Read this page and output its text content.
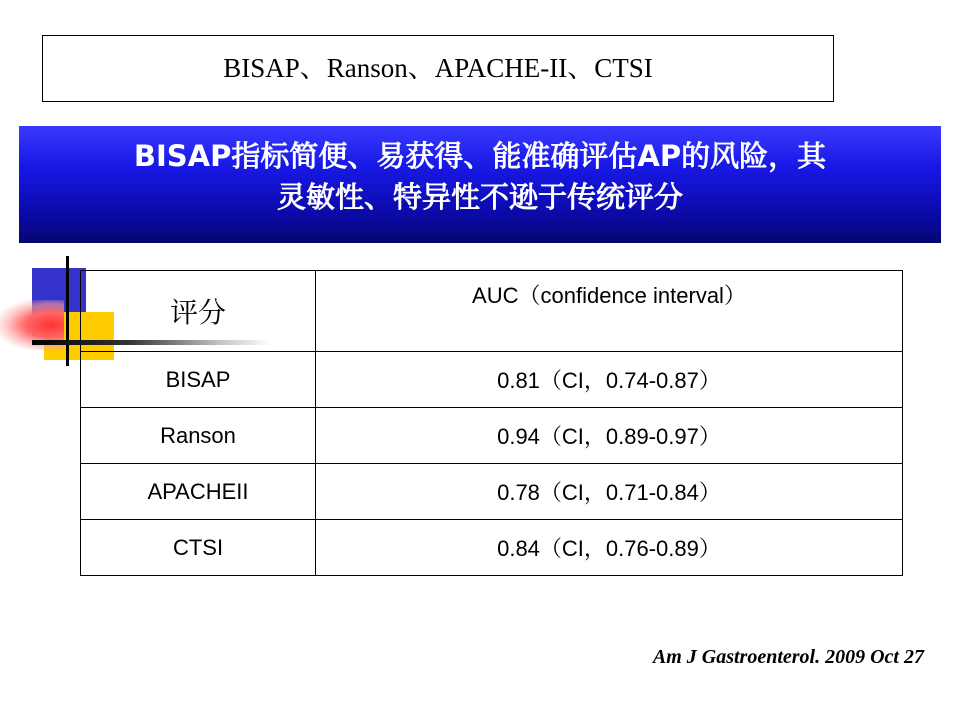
BISAP、Ranson、APACHE-II、CTSI
BISAP指标简便、易获得、能准确评估AP的风险，其
灵敏性、特异性不逊于传统评分
评分	AUC（confidence interval）
BISAP	0.81（CI，0.74-0.87）
Ranson	0.94（CI，0.89-0.97）
APACHEII	0.78（CI，0.71-0.84）
CTSI	0.84（CI，0.76-0.89）
Am J Gastroenterol. 2009 Oct 27
